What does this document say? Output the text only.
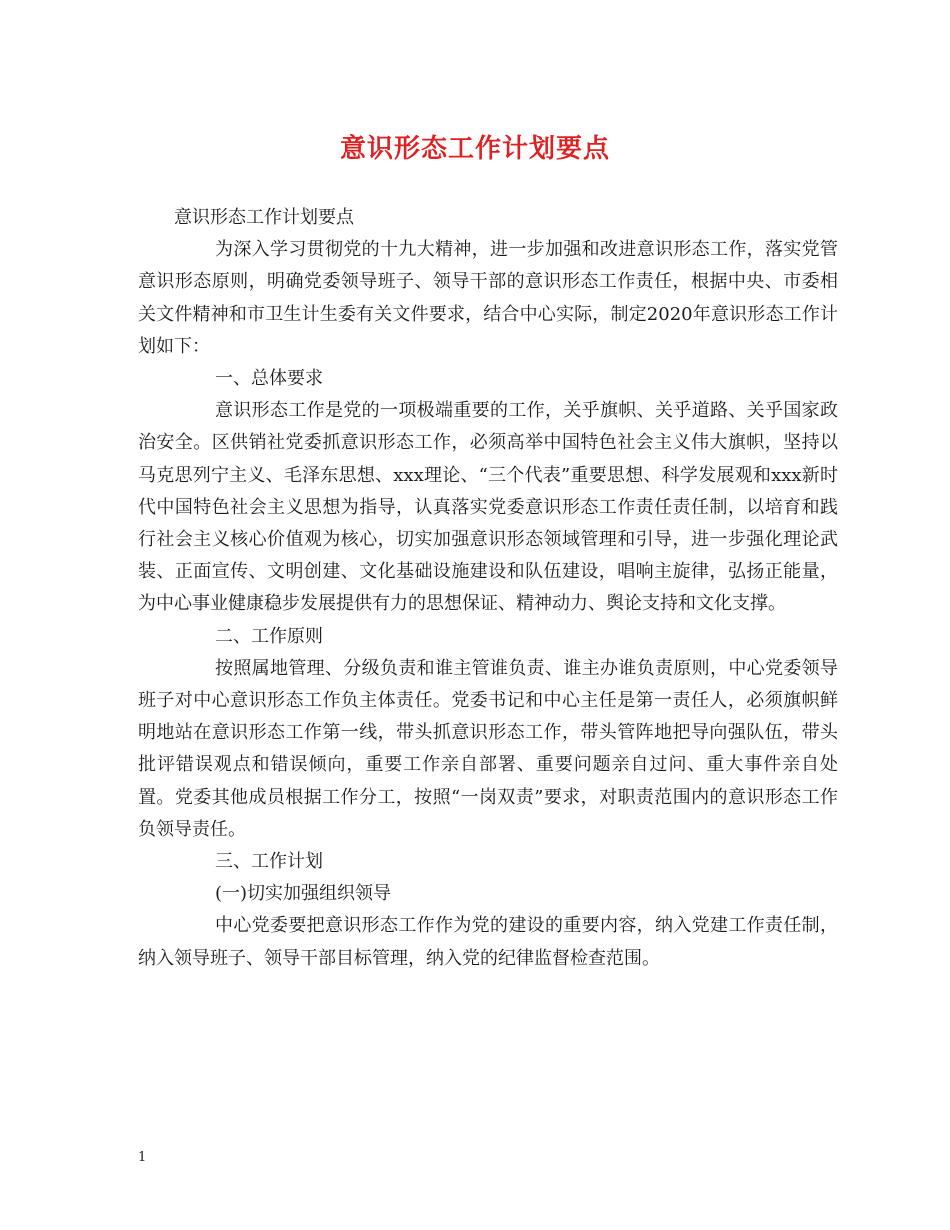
意识形态工作计划要点

意识形态工作计划要点

为深入学习贯彻党的十九大精神，进一步加强和改进意识形态工作，落实党管意识形态原则，明确党委领导班子、领导干部的意识形态工作责任，根据中央、市委相关文件精神和市卫生计生委有关文件要求，结合中心实际，制定2020年意识形态工作计划如下：

一、总体要求

意识形态工作是党的一项极端重要的工作，关乎旗帜、关乎道路、关乎国家政治安全。区供销社党委抓意识形态工作，必须高举中国特色社会主义伟大旗帜，坚持以马克思列宁主义、毛泽东思想、xxx理论、“三个代表”重要思想、科学发展观和xxx新时代中国特色社会主义思想为指导，认真落实党委意识形态工作责任责任制，以培育和践行社会主义核心价值观为核心，切实加强意识形态领域管理和引导，进一步强化理论武装、正面宣传、文明创建、文化基础设施建设和队伍建设，唱响主旋律，弘扬正能量，为中心事业健康稳步发展提供有力的思想保证、精神动力、舆论支持和文化支撑。

二、工作原则

按照属地管理、分级负责和谁主管谁负责、谁主办谁负责原则，中心党委领导班子对中心意识形态工作负主体责任。党委书记和中心主任是第一责任人，必须旗帜鲜明地站在意识形态工作第一线，带头抓意识形态工作，带头管阵地把导向强队伍，带头批评错误观点和错误倾向，重要工作亲自部署、重要问题亲自过问、重大事件亲自处置。党委其他成员根据工作分工，按照“一岗双责”要求，对职责范围内的意识形态工作负领导责任。

三、工作计划

(一)切实加强组织领导

中心党委要把意识形态工作作为党的建设的重要内容，纳入党建工作责任制，纳入领导班子、领导干部目标管理，纳入党的纪律监督检查范围。

1
